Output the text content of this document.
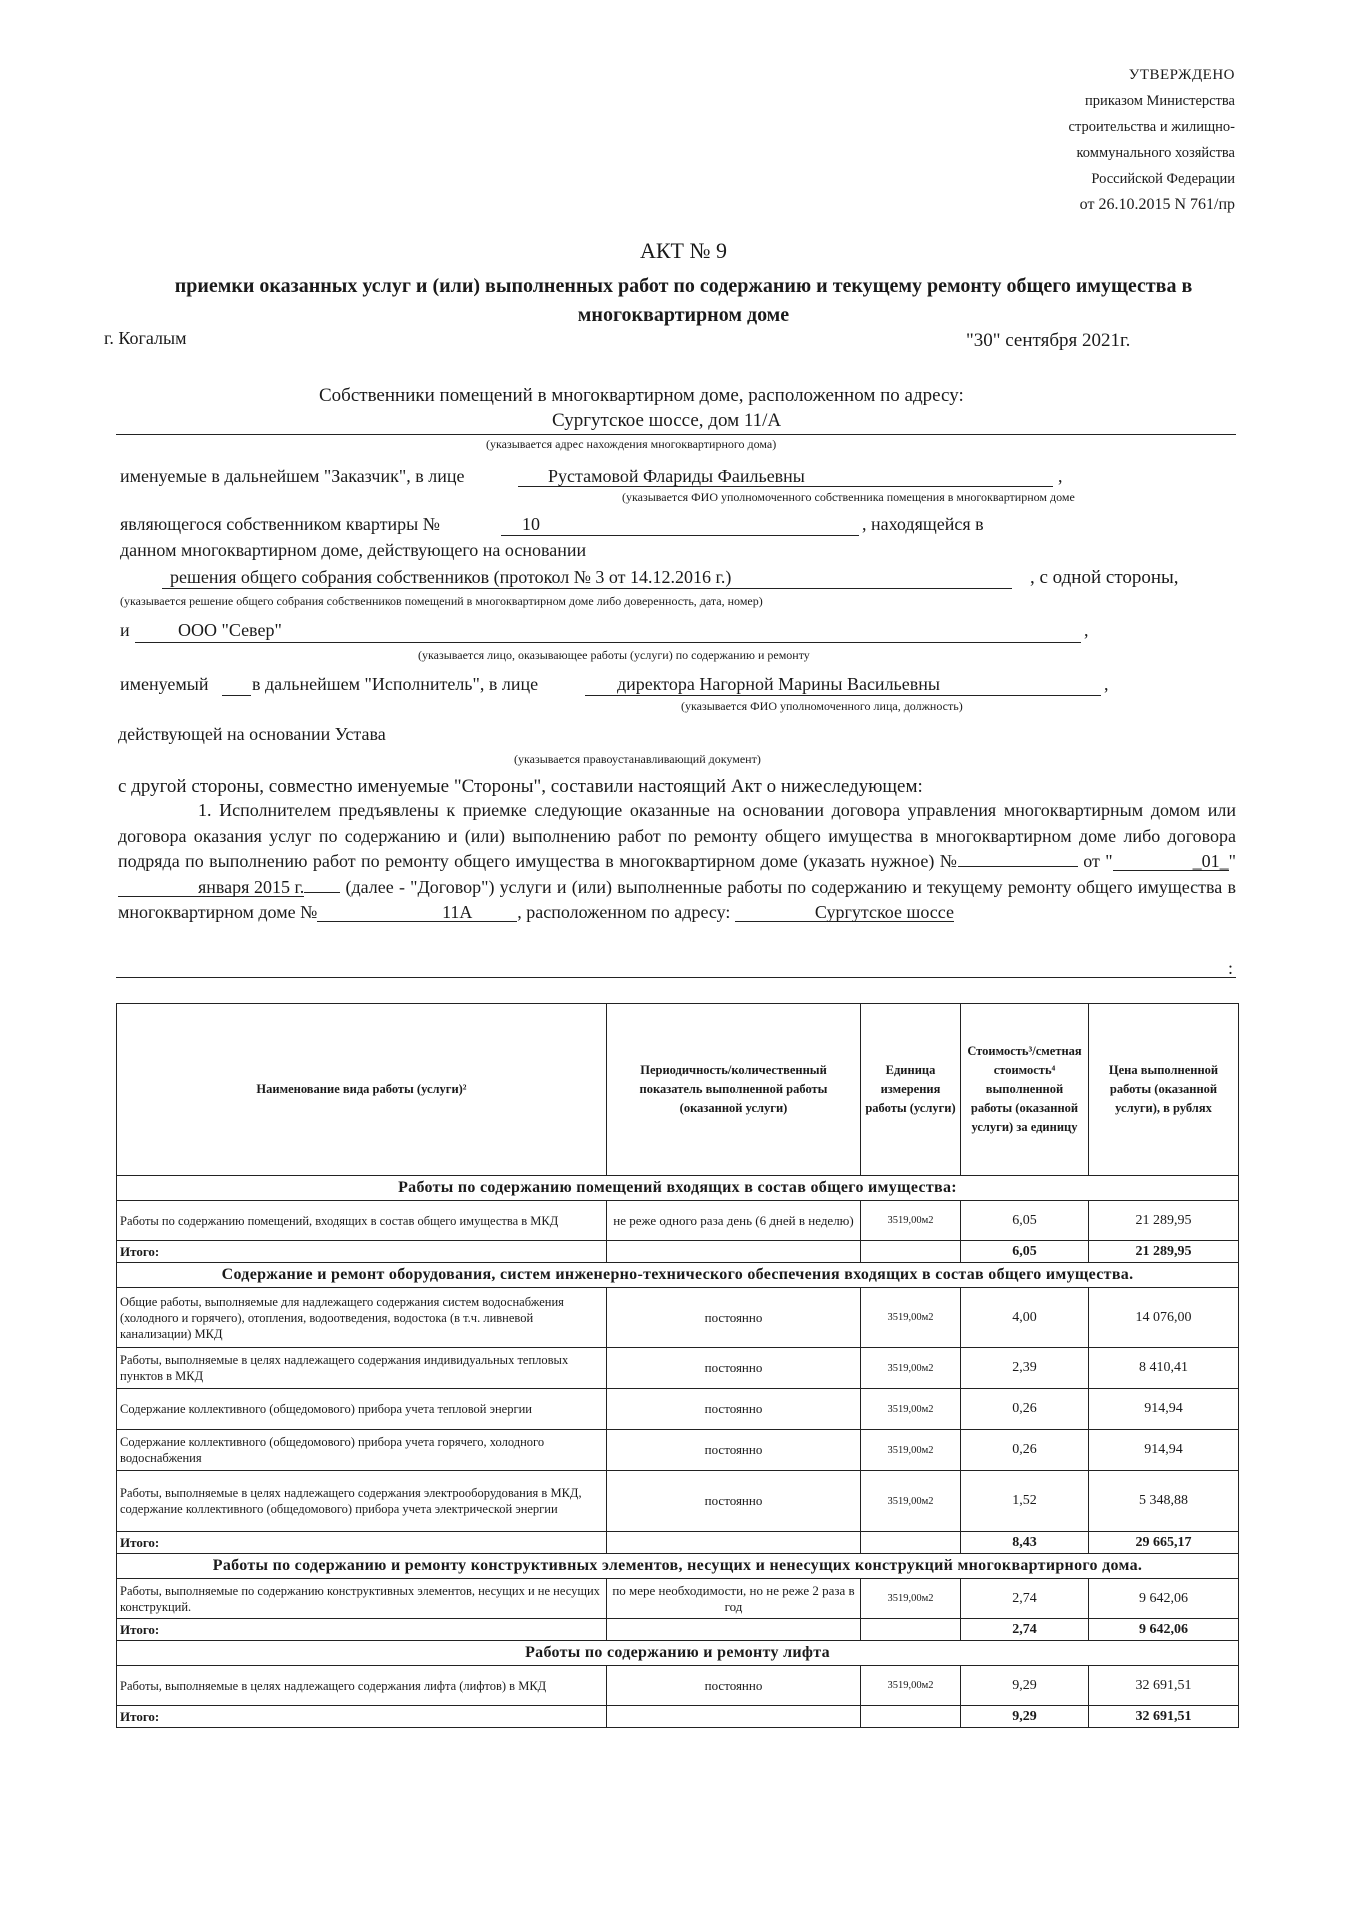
УТВЕРЖДЕНО
приказом Министерства
строительства и жилищно-
коммунального хозяйства
Российской Федерации
от 26.10.2015 N 761/пр
АКТ № 9
приемки оказанных услуг и (или) выполненных работ по содержанию и текущему ремонту общего имущества в многоквартирном доме
г. Когалым	"30" сентября 2021г.
Собственники помещений в многоквартирном доме, расположенном по адресу:
Сургутское шоссе, дом 11/А
(указывается адрес нахождения многоквартирного дома)
именуемые в дальнейшем "Заказчик", в лице	Рустамовой Флариды Фаильевны	,
(указывается ФИО уполномоченного собственника помещения в многоквартирном доме
являющегося собственником квартиры №	10	, находящейся в
данном многоквартирном доме, действующего на основании
решения общего собрания собственников (протокол № 3 от 14.12.2016 г.)	, с одной стороны,
(указывается решение общего собрания собственников помещений в многоквартирном доме либо доверенность, дата, номер)
и	ООО "Север"	,
(указывается лицо, оказывающее работы (услуги) по содержанию и ремонту
именуемый в дальнейшем "Исполнитель", в лице	директора Нагорной Марины Васильевны	,
(указывается ФИО уполномоченного лица, должность)
действующей на основании Устава
(указывается правоустанавливающий документ)
с другой стороны, совместно именуемые "Стороны", составили настоящий Акт о нижеследующем:
1. Исполнителем предъявлены к приемке следующие оказанные на основании договора управления многоквартирным домом или договора оказания услуг по содержанию и (или) выполнению работ по ремонту общего имущества в многоквартирном доме либо договора подряда по выполнению работ по ремонту общего имущества в многоквартирном доме (указать нужное) №	от "	_01_" января 2015 г. (далее - "Договор") услуги и (или) выполненные работы по содержанию и текущему ремонту общего имущества в многоквартирном доме №	11А , расположенном по адресу:	Сургутское шоссе
:
Наименование вида работы (услуги)²	Периодичность/количественный показатель выполненной работы (оказанной услуги)	Единица измерения работы (услуги)	Стоимость³/сметная стоимость⁴ выполненной работы (оказанной услуги) за единицу	Цена выполненной работы (оказанной услуги), в рублях
Работы по содержанию помещений входящих в состав общего имущества:				
Работы по содержанию помещений, входящих в состав общего имущества в МКД	не реже одного раза день (6 дней в неделю)	3519,00м2	6,05	21 289,95
Итого:			6,05	21 289,95
Содержание и ремонт оборудования, систем инженерно-технического обеспечения входящих в состав общего имущества.				
Общие работы, выполняемые для надлежащего содержания систем водоснабжения (холодного и горячего), отопления, водоотведения, водостока (в т.ч. ливневой канализации) МКД	постоянно	3519,00м2	4,00	14 076,00
Работы, выполняемые в целях надлежащего содержания индивидуальных тепловых пунктов в МКД	постоянно	3519,00м2	2,39	8 410,41
Содержание коллективного (общедомового) прибора учета тепловой энергии	постоянно	3519,00м2	0,26	914,94
Содержание коллективного (общедомового) прибора учета горячего, холодного водоснабжения	постоянно	3519,00м2	0,26	914,94
Работы, выполняемые в целях надлежащего содержания электрооборудования в МКД, содержание коллективного (общедомового) прибора учета электрической энергии	постоянно	3519,00м2	1,52	5 348,88
Итого:			8,43	29 665,17
Работы по содержанию и ремонту конструктивных элементов, несущих и ненесущих конструкций многоквартирного дома.				
Работы, выполняемые по содержанию конструктивных элементов, несущих и не несущих конструкций.	по мере необходимости, но не реже 2 раза в год	3519,00м2	2,74	9 642,06
Итого:			2,74	9 642,06
Работы по содержанию и ремонту лифта				
Работы, выполняемые в целях надлежащего содержания лифта (лифтов) в МКД	постоянно	3519,00м2	9,29	32 691,51
Итого:			9,29	32 691,51
